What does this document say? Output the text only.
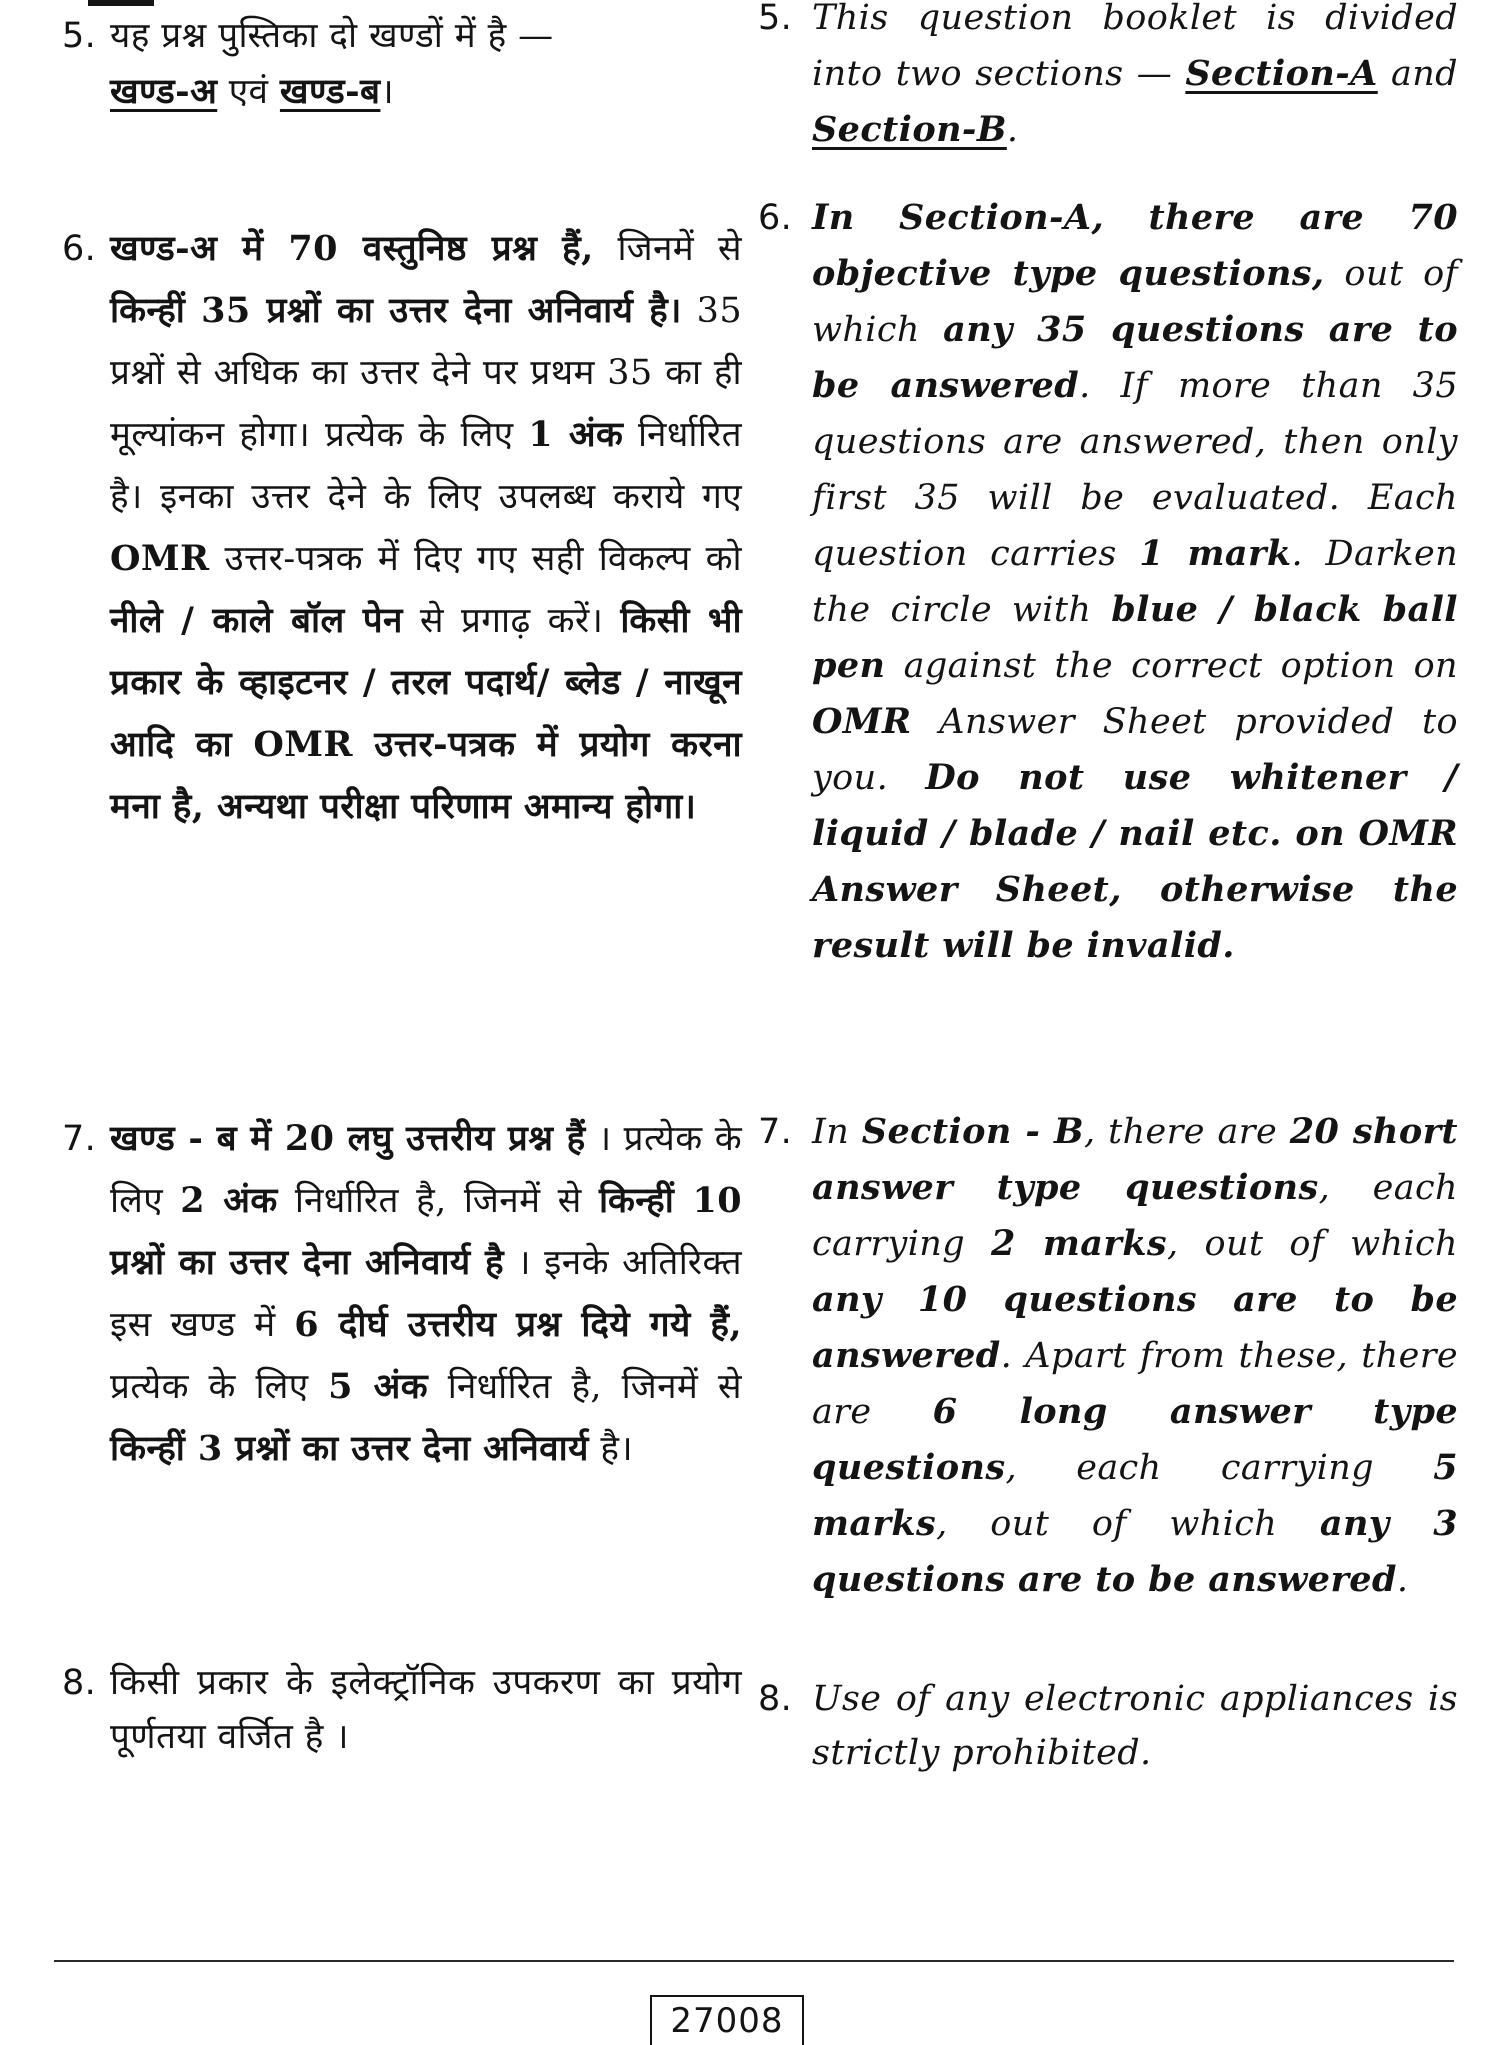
5. यह प्रश्न पुस्तिका दो खण्डों में है —
खण्ड-अ एवं खण्ड-ब।
6. खण्ड-अ में 70 वस्तुनिष्ठ प्रश्न हैं, जिनमें से किन्हीं 35 प्रश्नों का उत्तर देना अनिवार्य है। 35 प्रश्नों से अधिक का उत्तर देने पर प्रथम 35 का ही मूल्यांकन होगा। प्रत्येक के लिए 1 अंक निर्धारित है। इनका उत्तर देने के लिए उपलब्ध कराये गए OMR उत्तर-पत्रक में दिए गए सही विकल्प को नीले / काले बॉल पेन से प्रगाढ़ करें। किसी भी प्रकार के व्हाइटनर / तरल पदार्थ/ ब्लेड / नाखून आदि का OMR उत्तर-पत्रक में प्रयोग करना मना है, अन्यथा परीक्षा परिणाम अमान्य होगा।
7. खण्ड - ब में 20 लघु उत्तरीय प्रश्न हैं । प्रत्येक के लिए 2 अंक निर्धारित है, जिनमें से किन्हीं 10 प्रश्नों का उत्तर देना अनिवार्य है । इनके अतिरिक्त इस खण्ड में 6 दीर्घ उत्तरीय प्रश्न दिये गये हैं, प्रत्येक के लिए 5 अंक निर्धारित है, जिनमें से किन्हीं 3 प्रश्नों का उत्तर देना अनिवार्य है।
8. किसी प्रकार के इलेक्ट्रॉनिक उपकरण का प्रयोग पूर्णतया वर्जित है ।
5. This question booklet is divided into two sections — Section-A and Section-B.
6. In Section-A, there are 70 objective type questions, out of which any 35 questions are to be answered. If more than 35 questions are answered, then only first 35 will be evaluated. Each question carries 1 mark. Darken the circle with blue / black ball pen against the correct option on OMR Answer Sheet provided to you. Do not use whitener / liquid / blade / nail etc. on OMR Answer Sheet, otherwise the result will be invalid.
7. In Section - B, there are 20 short answer type questions, each carrying 2 marks, out of which any 10 questions are to be answered. Apart from these, there are 6 long answer type questions, each carrying 5 marks, out of which any 3 questions are to be answered.
8. Use of any electronic appliances is strictly prohibited.
27008
